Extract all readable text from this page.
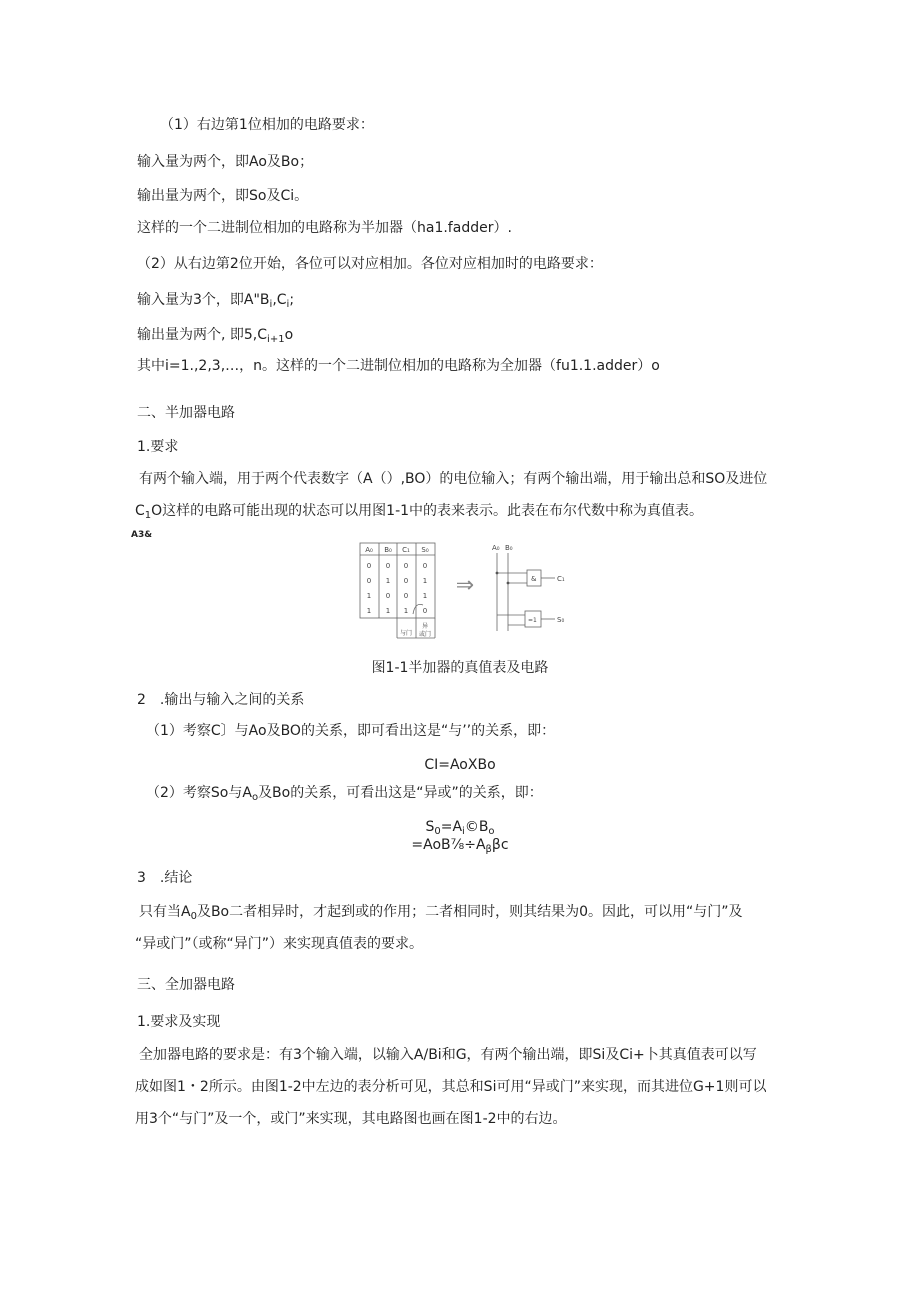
（1）右边第1位相加的电路要求：
输入量为两个，即Ao及Bo；
输出量为两个，即So及Ci。
这样的一个二进制位相加的电路称为半加器（ha1.fadder）.
（2）从右边第2位开始，各位可以对应相加。各位对应相加时的电路要求：
输入量为3个，即$A"B_i,C_i$;
输出量为两个, 即$5,C_{i+1}o$
其中i=1.,2,3,…，n。这样的一个二进制位相加的电路称为全加器（fu1.1.adder）o
二、半加器电路
1.要求

有两个输入端，用于两个代表数字（A（）,BO）的电位输入；有两个输出端，用于输出总和SO及进位

$C_1O$这样的电路可能出现的状态可以用图1-1中的表来表示。此表在布尔代数中称为真值表。

A3&
A₀ B₀ C₁ S₀
0 0 0 0
0 1 0 1
1 0 0 1
1 1 1 0
与门
异
或门
⇒
A₀ B₀
&
=1
C₁
S₀
图1-1半加器的真值表及电路
2　.输出与输入之间的关系
（1）考察C〕与Ao及BO的关系，即可看出这是“与’’的关系，即：
CI=AoXBo
（2）考察So与$A_o$及Bo的关系，可看出这是“异或”的关系，即：
$S_0=A_i©B_o$
$=AoB\frac{7}{8}\div A_\beta\beta c$
3　.结论

只有当$A_0$及Bo二者相异时，才起到或的作用；二者相同时，则其结果为0。因此，可以用“与门”及

“异或门”（或称“异门”）来实现真值表的要求。

三、全加器电路
1.要求及实现

全加器电路的要求是：有3个输入端，以输入A/Bi和G，有两个输出端，即Si及Ci+卜其真值表可以写

成如图1・2所示。由图1-2中左边的表分析可见，其总和Si可用“异或门”来实现，而其进位G+1则可以

用3个“与门”及一个，或门”来实现，其电路图也画在图1-2中的右边。
